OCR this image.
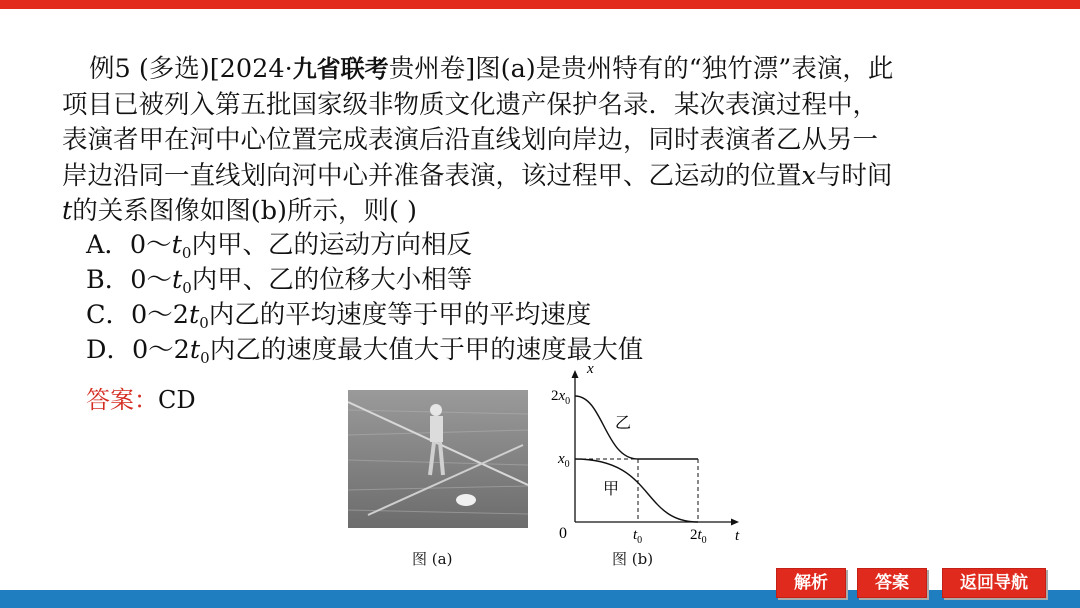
例5 (多选)[2024·九省联考贵州卷]图(a)是贵州特有的“独竹漂”表演，此

项目已被列入第五批国家级非物质文化遗产保护名录．某次表演过程中，

表演者甲在河中心位置完成表演后沿直线划向岸边，同时表演者乙从另一

岸边沿同一直线划向河中心并准备表演，该过程甲、乙运动的位置x与时间

t的关系图像如图(b)所示，则( )

A．$0\sim t_0$内甲、乙的运动方向相反
B．$0\sim t_0$内甲、乙的位移大小相等
C．$0\sim 2t_0$内乙的平均速度等于甲的平均速度
D．$0\sim 2t_0$内乙的速度最大值大于甲的速度最大值
答案：CD
图 (a)
x
t
0
$2x_0$
$x_0$
$t_0$	$2t_0$
乙
甲
图 (b)
解析	答案	返回导航
